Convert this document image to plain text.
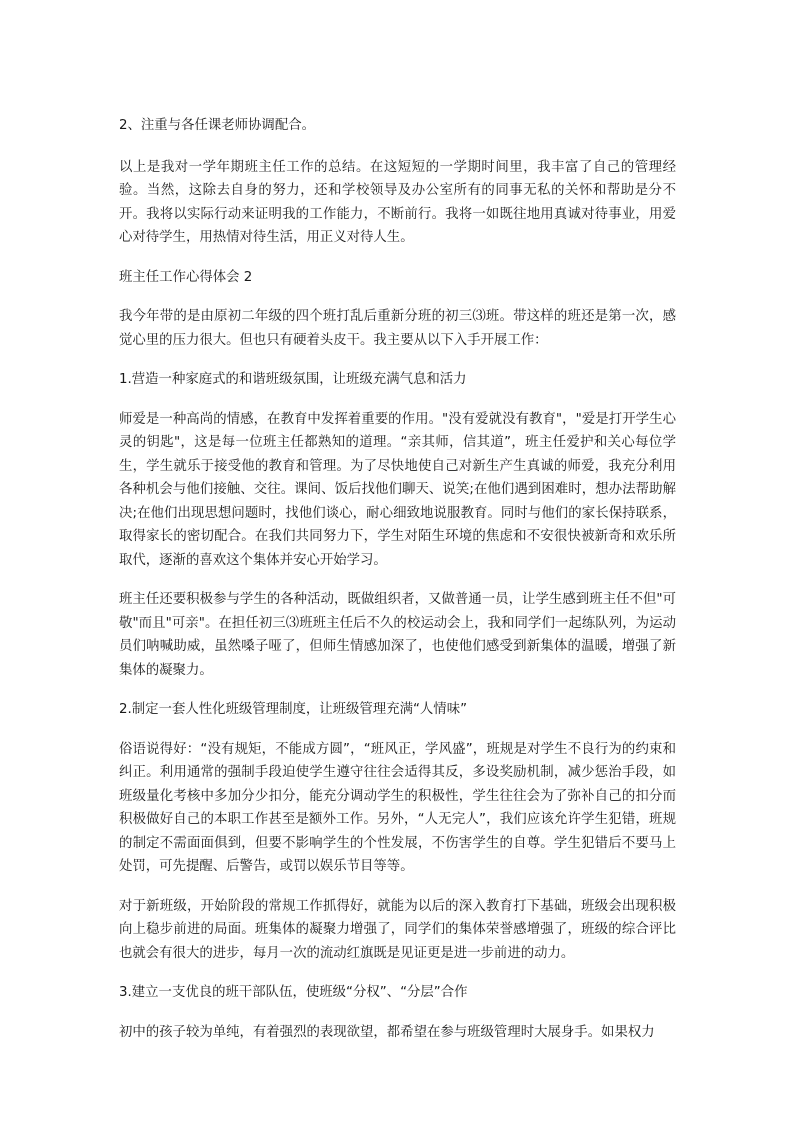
2、注重与各任课老师协调配合。

以上是我对一学年期班主任工作的总结。在这短短的一学期时间里，我丰富了自己的管理经验。当然，这除去自身的努力，还和学校领导及办公室所有的同事无私的关怀和帮助是分不开。我将以实际行动来证明我的工作能力，不断前行。我将一如既往地用真诚对待事业，用爱心对待学生，用热情对待生活，用正义对待人生。

班主任工作心得体会 2

我今年带的是由原初二年级的四个班打乱后重新分班的初三⑶班。带这样的班还是第一次，感觉心里的压力很大。但也只有硬着头皮干。我主要从以下入手开展工作：

1.营造一种家庭式的和谐班级氛围，让班级充满气息和活力

师爱是一种高尚的情感，在教育中发挥着重要的作用。"没有爱就没有教育"，"爱是打开学生心灵的钥匙"，这是每一位班主任都熟知的道理。“亲其师，信其道”，班主任爱护和关心每位学生，学生就乐于接受他的教育和管理。为了尽快地使自己对新生产生真诚的师爱，我充分利用各种机会与他们接触、交往。课间、饭后找他们聊天、说笑;在他们遇到困难时，想办法帮助解决;在他们出现思想问题时，找他们谈心，耐心细致地说服教育。同时与他们的家长保持联系，取得家长的密切配合。在我们共同努力下，学生对陌生环境的焦虑和不安很快被新奇和欢乐所取代，逐渐的喜欢这个集体并安心开始学习。

班主任还要积极参与学生的各种活动，既做组织者，又做普通一员，让学生感到班主任不但"可敬"而且"可亲"。在担任初三⑶班班主任后不久的校运动会上，我和同学们一起练队列，为运动员们呐喊助威，虽然嗓子哑了，但师生情感加深了，也使他们感受到新集体的温暖，增强了新集体的凝聚力。

2.制定一套人性化班级管理制度，让班级管理充满“人情味”

俗语说得好：“没有规矩，不能成方圆”，“班风正，学风盛”，班规是对学生不良行为的约束和纠正。利用通常的强制手段迫使学生遵守往往会适得其反，多设奖励机制，减少惩治手段，如班级量化考核中多加分少扣分，能充分调动学生的积极性，学生往往会为了弥补自己的扣分而积极做好自己的本职工作甚至是额外工作。另外，“人无完人”，我们应该允许学生犯错，班规的制定不需面面俱到，但要不影响学生的个性发展，不伤害学生的自尊。学生犯错后不要马上处罚，可先提醒、后警告，或罚以娱乐节目等等。

对于新班级，开始阶段的常规工作抓得好，就能为以后的深入教育打下基础，班级会出现积极向上稳步前进的局面。班集体的凝聚力增强了，同学们的集体荣誉感增强了，班级的综合评比也就会有很大的进步，每月一次的流动红旗既是见证更是进一步前进的动力。

3.建立一支优良的班干部队伍，使班级“分权”、“分层”合作

初中的孩子较为单纯，有着强烈的表现欲望，都希望在参与班级管理时大展身手。如果权力
